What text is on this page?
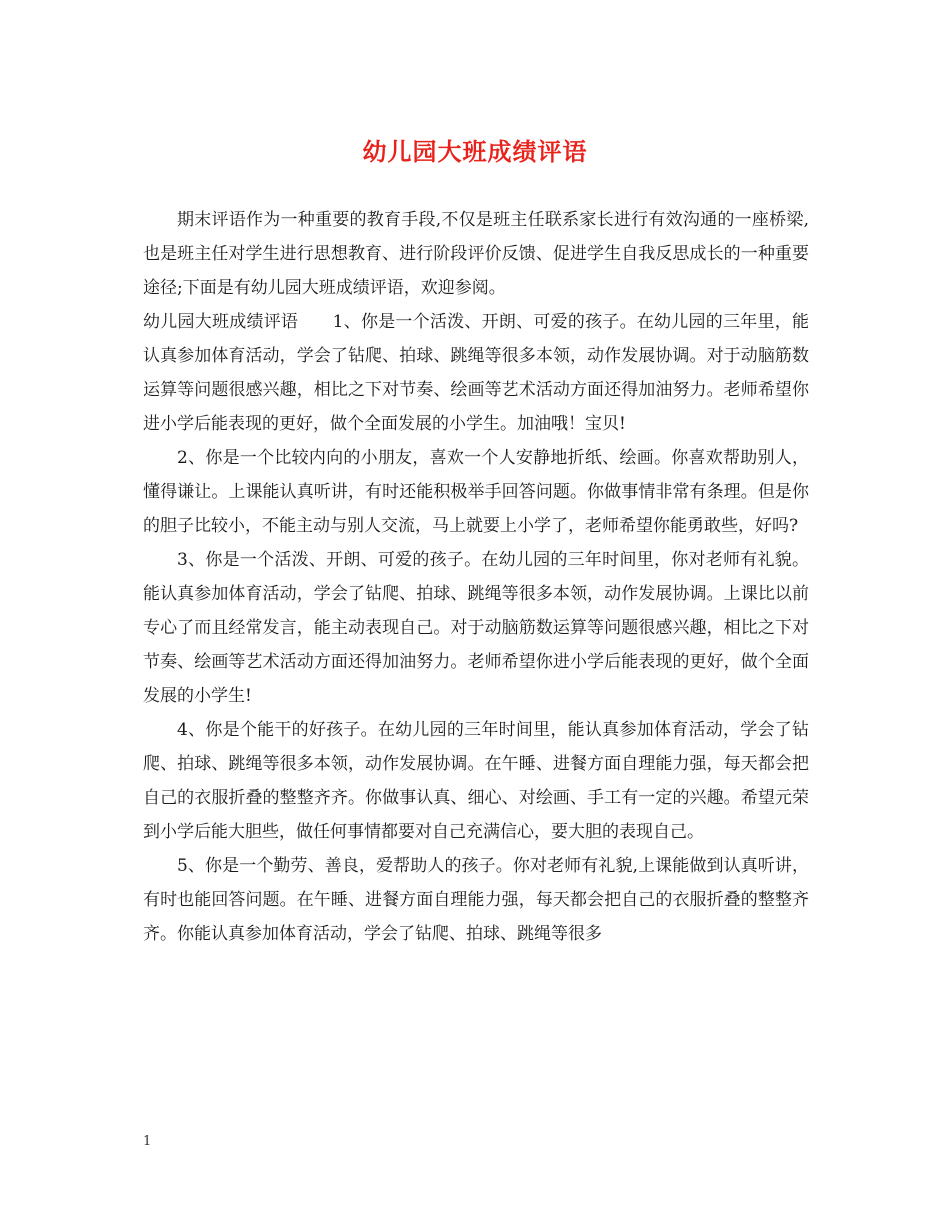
幼儿园大班成绩评语

期末评语作为一种重要的教育手段,不仅是班主任联系家长进行有效沟通的一座桥梁,也是班主任对学生进行思想教育、进行阶段评价反馈、促进学生自我反思成长的一种重要途径;下面是有幼儿园大班成绩评语，欢迎参阅。

幼儿园大班成绩评语　　1、你是一个活泼、开朗、可爱的孩子。在幼儿园的三年里，能认真参加体育活动，学会了钻爬、拍球、跳绳等很多本领，动作发展协调。对于动脑筋数运算等问题很感兴趣，相比之下对节奏、绘画等艺术活动方面还得加油努力。老师希望你进小学后能表现的更好，做个全面发展的小学生。加油哦！宝贝!

2、你是一个比较内向的小朋友，喜欢一个人安静地折纸、绘画。你喜欢帮助别人，懂得谦让。上课能认真听讲，有时还能积极举手回答问题。你做事情非常有条理。但是你的胆子比较小，不能主动与别人交流，马上就要上小学了，老师希望你能勇敢些，好吗?

3、你是一个活泼、开朗、可爱的孩子。在幼儿园的三年时间里，你对老师有礼貌。能认真参加体育活动，学会了钻爬、拍球、跳绳等很多本领，动作发展协调。上课比以前专心了而且经常发言，能主动表现自己。对于动脑筋数运算等问题很感兴趣，相比之下对节奏、绘画等艺术活动方面还得加油努力。老师希望你进小学后能表现的更好，做个全面发展的小学生!

4、你是个能干的好孩子。在幼儿园的三年时间里，能认真参加体育活动，学会了钻爬、拍球、跳绳等很多本领，动作发展协调。在午睡、进餐方面自理能力强，每天都会把自己的衣服折叠的整整齐齐。你做事认真、细心、对绘画、手工有一定的兴趣。希望元荣到小学后能大胆些，做任何事情都要对自己充满信心，要大胆的表现自己。

5、你是一个勤劳、善良，爱帮助人的孩子。你对老师有礼貌,上课能做到认真听讲，有时也能回答问题。在午睡、进餐方面自理能力强，每天都会把自己的衣服折叠的整整齐齐。你能认真参加体育活动，学会了钻爬、拍球、跳绳等很多

1
